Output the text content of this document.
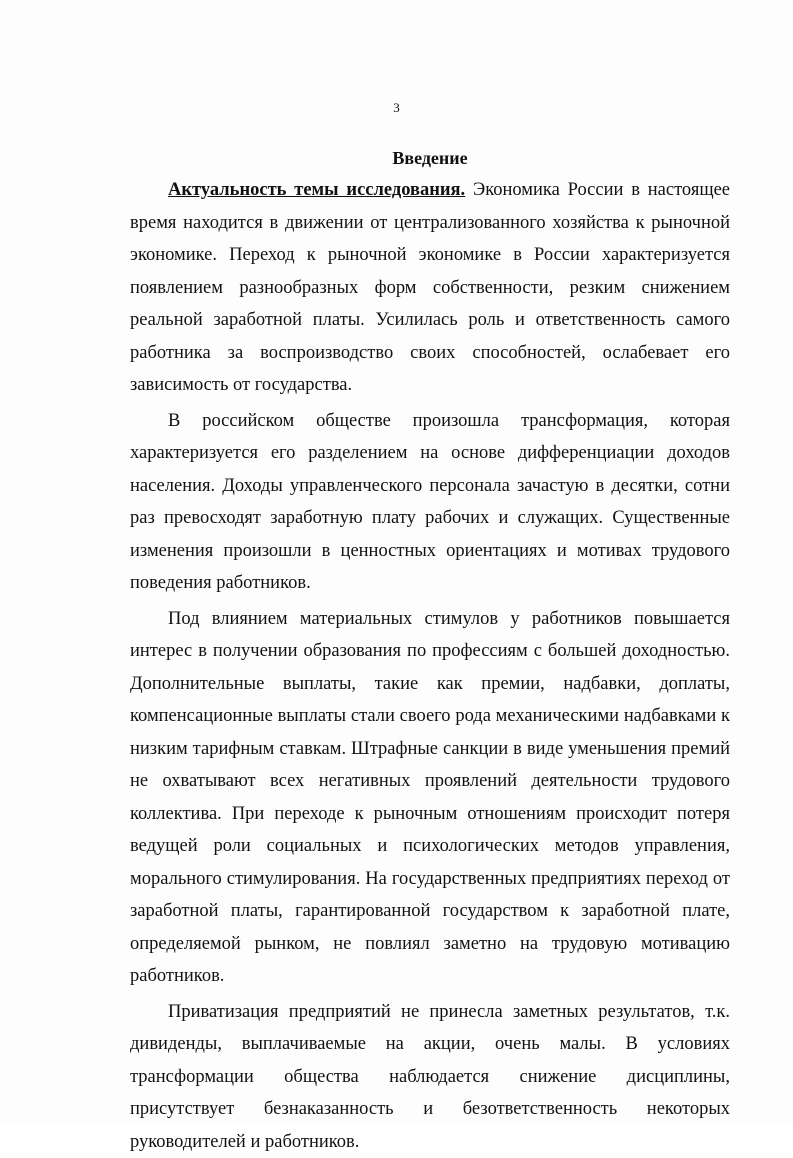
3
Введение

Актуальность темы исследования. Экономика России в настоящее время находится в движении от централизованного хозяйства к рыночной экономике. Переход к рыночной экономике в России характеризуется появлением разнообразных форм собственности, резким снижением реальной заработной платы. Усилилась роль и ответственность самого работника за воспроизводство своих способностей, ослабевает его зависимость от государства.

В российском обществе произошла трансформация, которая характеризуется его разделением на основе дифференциации доходов населения. Доходы управленческого персонала зачастую в десятки, сотни раз превосходят заработную плату рабочих и служащих. Существенные изменения произошли в ценностных ориентациях и мотивах трудового поведения работников.

Под влиянием материальных стимулов у работников повышается интерес в получении образования по профессиям с большей доходностью. Дополнительные выплаты, такие как премии, надбавки, доплаты, компенсационные выплаты стали своего рода механическими надбавками к низким тарифным ставкам. Штрафные санкции в виде уменьшения премий не охватывают всех негативных проявлений деятельности трудового коллектива. При переходе к рыночным отношениям происходит потеря ведущей роли социальных и психологических методов управления, морального стимулирования. На государственных предприятиях переход от заработной платы, гарантированной государством к заработной плате, определяемой рынком, не повлиял заметно на трудовую мотивацию работников.

Приватизация предприятий не принесла заметных результатов, т.к. дивиденды, выплачиваемые на акции, очень малы. В условиях трансформации общества наблюдается снижение дисциплины, присутствует безнаказанность и безответственность некоторых руководителей и работников.
